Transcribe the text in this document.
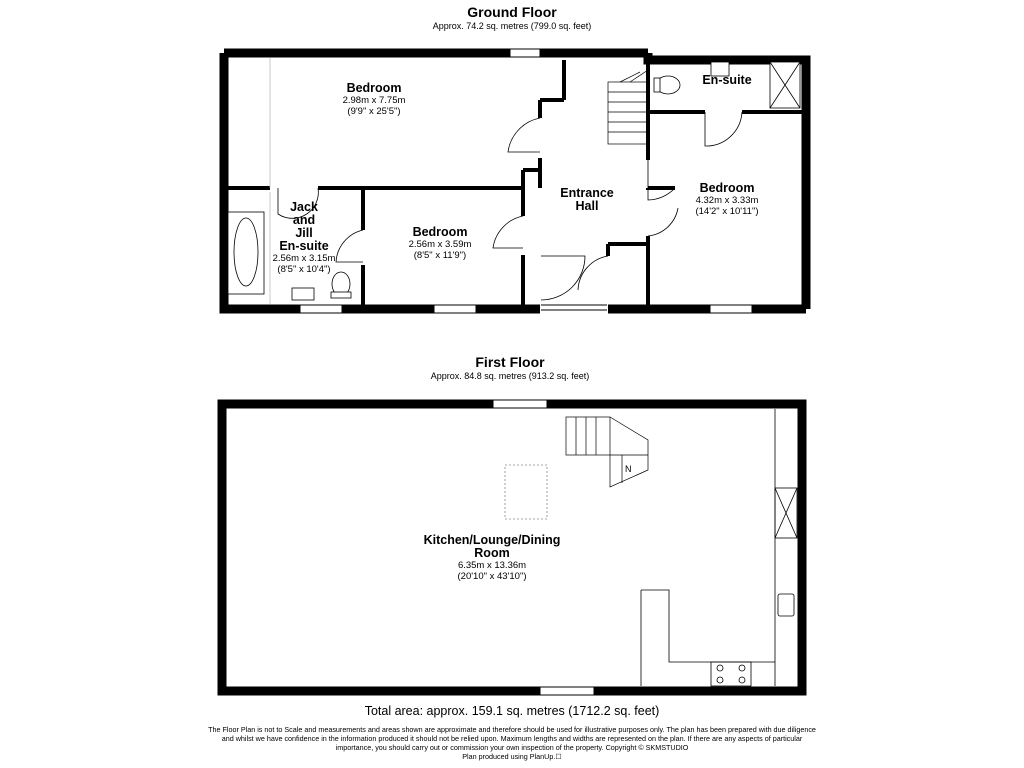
Ground Floor
Approx. 74.2 sq. metres (799.0 sq. feet)
First Floor
Approx. 84.8 sq. metres (913.2 sq. feet)
N
Bedroom
2.98m x 7.75m
(9'9" x 25'5")
En-suite
Jack
and
Jill
En-suite
2.56m x 3.15m
(8'5" x 10'4")
Bedroom
2.56m x 3.59m
(8'5" x 11'9")
Entrance
Hall
Bedroom
4.32m x 3.33m
(14'2" x 10'11")
Kitchen/Lounge/Dining
Room
6.35m x 13.36m
(20'10" x 43'10")
Total area: approx. 159.1 sq. metres (1712.2 sq. feet)
The Floor Plan is not to Scale and measurements and areas shown are approximate and therefore should be used for illustrative purposes only. The plan has been prepared with due diligence
and whilst we have confidence in the information produced it should not be relied upon. Maximum lengths and widths are represented on the plan. If there are any aspects of particular
importance, you should carry out or commission your own inspection of the property. Copyright © SKMSTUDIO
Plan produced using PlanUp.☐
